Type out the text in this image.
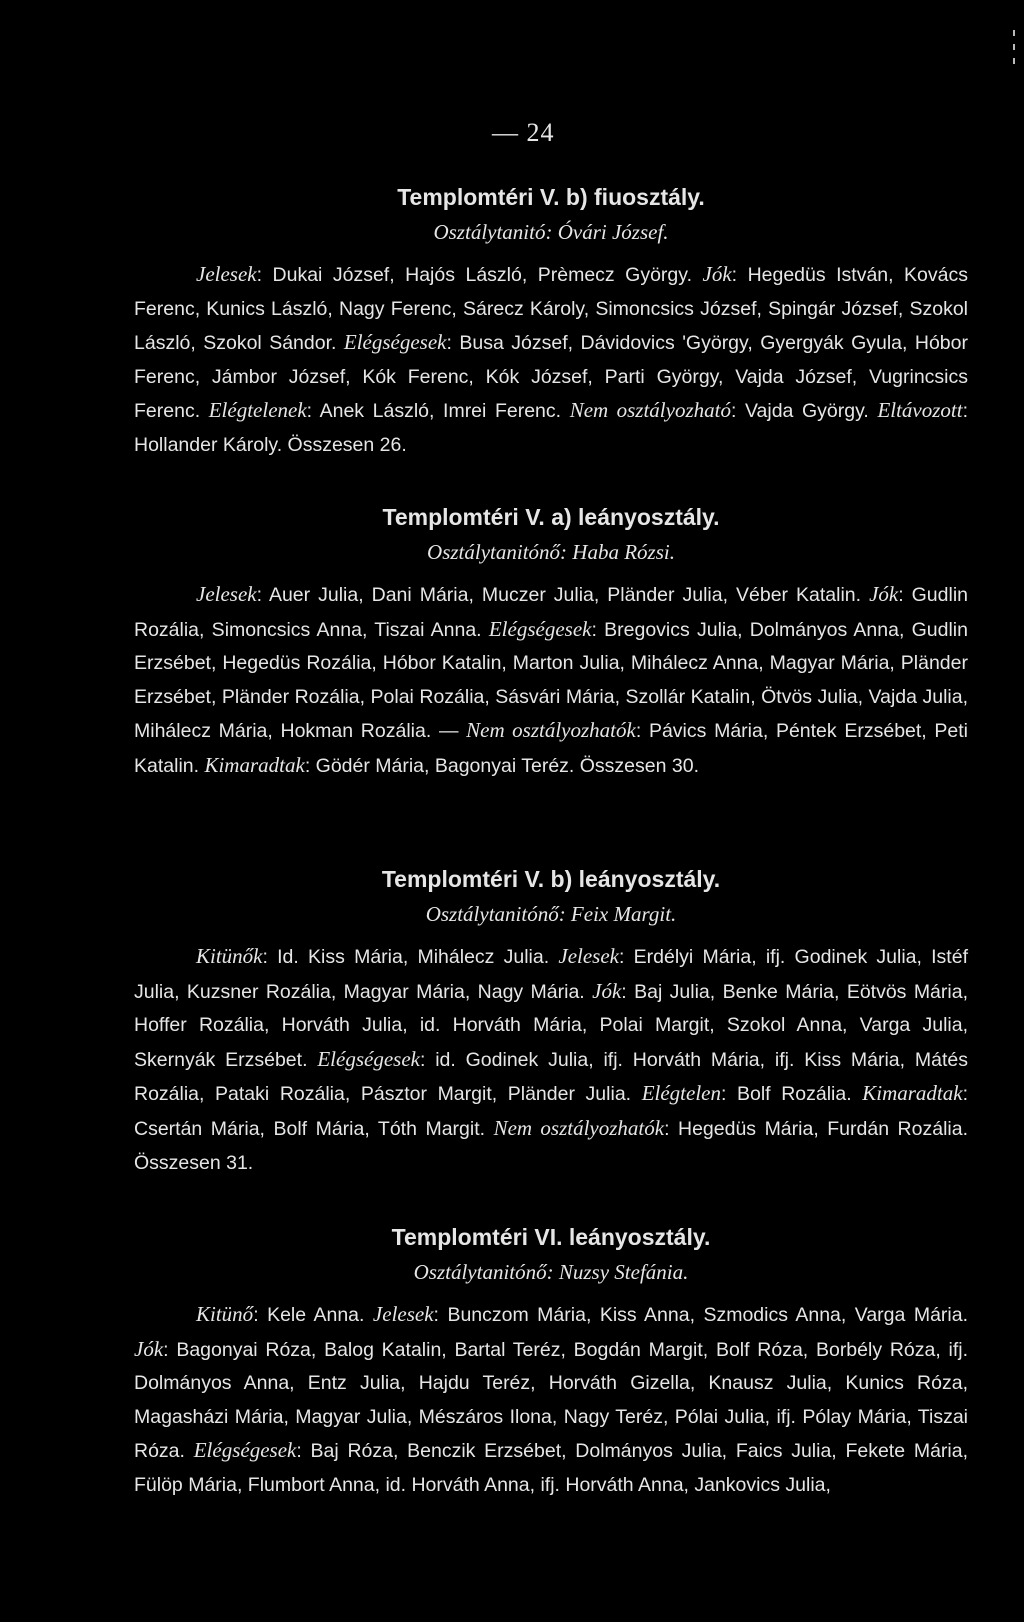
— 24
Templomtéri V. b) fiuosztály.

Osztálytanitó: Óvári József.

Jelesek: Dukai József, Hajós László, Prèmecz György. Jók: Hegedüs István, Kovács Ferenc, Kunics László, Nagy Ferenc, Sárecz Károly, Simoncsics József, Spingár József, Szokol László, Szokol Sándor. Elégségesek: Busa József, Dávidovics 'György, Gyergyák Gyula, Hóbor Ferenc, Jámbor József, Kók Ferenc, Kók József, Parti György, Vajda József, Vugrincsics Ferenc. Elégtelenek: Anek László, Imrei Ferenc. Nem osztályozható: Vajda György. Eltávozott: Hollander Károly. Összesen 26.

Templomtéri V. a) leányosztály.

Osztálytanitónő: Haba Rózsi.

Jelesek: Auer Julia, Dani Mária, Muczer Julia, Pländer Julia, Véber Katalin. Jók: Gudlin Rozália, Simoncsics Anna, Tiszai Anna. Elégségesek: Bregovics Julia, Dolmányos Anna, Gudlin Erzsébet, Hegedüs Rozália, Hóbor Katalin, Marton Julia, Mihálecz Anna, Magyar Mária, Pländer Erzsébet, Pländer Rozália, Polai Rozália, Sásvári Mária, Szollár Katalin, Ötvös Julia, Vajda Julia, Mihálecz Mária, Hokman Rozália. — Nem osztályozhatók: Pávics Mária, Péntek Erzsébet, Peti Katalin. Kimaradtak: Gödér Mária, Bagonyai Teréz. Összesen 30.

Templomtéri V. b) leányosztály.

Osztálytanitónő: Feix Margit.

Kitünők: Id. Kiss Mária, Mihálecz Julia. Jelesek: Erdélyi Mária, ifj. Godinek Julia, Istéf Julia, Kuzsner Rozália, Magyar Mária, Nagy Mária. Jók: Baj Julia, Benke Mária, Eötvös Mária, Hoffer Rozália, Horváth Julia, id. Horváth Mária, Polai Margit, Szokol Anna, Varga Julia, Skernyák Erzsébet. Elégségesek: id. Godinek Julia, ifj. Horváth Mária, ifj. Kiss Mária, Mátés Rozália, Pataki Rozália, Pásztor Margit, Pländer Julia. Elégtelen: Bolf Rozália. Kimaradtak: Csertán Mária, Bolf Mária, Tóth Margit. Nem osztályozhatók: Hegedüs Mária, Furdán Rozália. Összesen 31.

Templomtéri VI. leányosztály.

Osztálytanitónő: Nuzsy Stefánia.

Kitünő: Kele Anna. Jelesek: Bunczom Mária, Kiss Anna, Szmodics Anna, Varga Mária. Jók: Bagonyai Róza, Balog Katalin, Bartal Teréz, Bogdán Margit, Bolf Róza, Borbély Róza, ifj. Dolmányos Anna, Entz Julia, Hajdu Teréz, Horváth Gizella, Knausz Julia, Kunics Róza, Magasházi Mária, Magyar Julia, Mészáros Ilona, Nagy Teréz, Pólai Julia, ifj. Pólay Mária, Tiszai Róza. Elégségesek: Baj Róza, Benczik Erzsébet, Dolmányos Julia, Faics Julia, Fekete Mária, Fülöp Mária, Flumbort Anna, id. Horváth Anna, ifj. Horváth Anna, Jankovics Julia,
